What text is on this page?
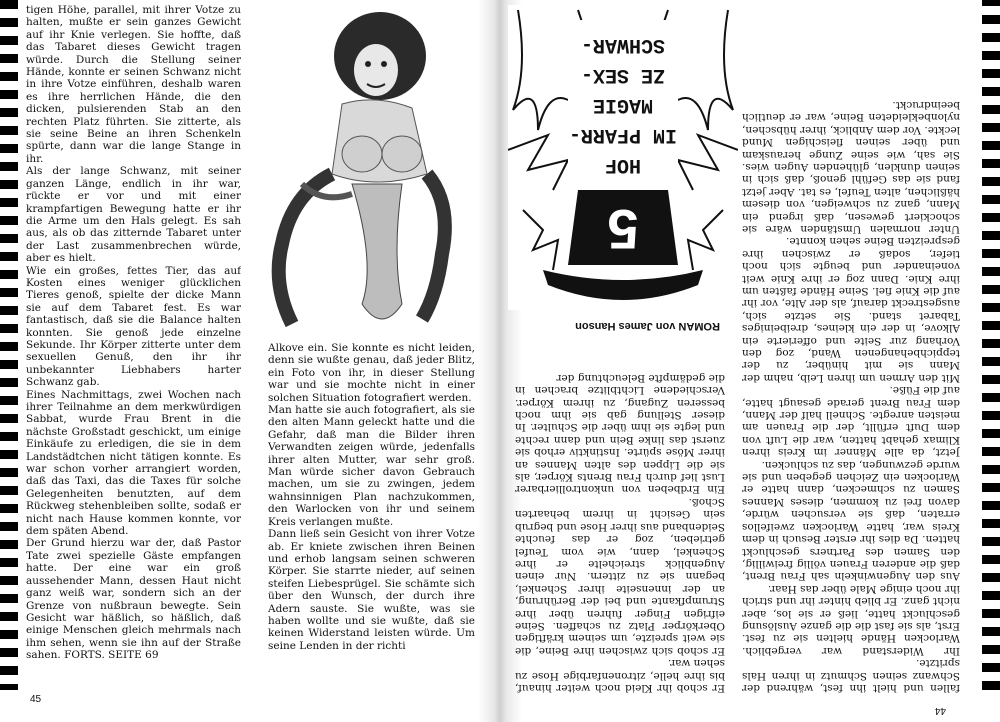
tigen Höhe, parallel, mit ihrer Votze zu halten, mußte er sein ganzes Gewicht auf ihr Knie verlegen. Sie hoffte, daß das Tabaret dieses Gewicht tragen würde. Durch die Stellung seiner Hände, konnte er seinen Schwanz nicht in ihre Votze einführen, deshalb waren es ihre herrlichen Hände, die den dicken, pulsierenden Stab an den rechten Platz führten. Sie zitterte, als sie seine Beine an ihren Schenkeln spürte, dann war die lange Stange in ihr.
Als der lange Schwanz, mit seiner ganzen Länge, endlich in ihr war, rückte er vor und mit einer krampfartigen Bewegung hatte er ihr die Arme um den Hals gelegt. Es sah aus, als ob das zitternde Tabaret unter der Last zusammenbrechen würde, aber es hielt.
Wie ein großes, fettes Tier, das auf Kosten eines weniger glücklichen Tieres genoß, spielte der dicke Mann sie auf dem Tabaret fest. Es war fantastisch, daß sie die Balance halten konnten. Sie genoß jede einzelne Sekunde. Ihr Körper zitterte unter dem sexuellen Genuß, den ihr ihr unbekannter Liebhabers harter Schwanz gab.
Eines Nachmittags, zwei Wochen nach ihrer Teilnahme an dem merkwürdigen Sabbat, wurde Frau Brent in die nächste Großstadt geschickt, um einige Einkäufe zu erledigen, die sie in dem Landstädtchen nicht tätigen konnte. Es war schon vorher arrangiert worden, daß das Taxi, das die Taxes für solche Gelegenheiten benutzten, auf dem Rückweg stehenbleiben sollte, sodaß er nicht nach Hause kommen konnte, vor dem späten Abend.
Der Grund hierzu war der, daß Pastor Tate zwei spezielle Gäste empfangen hatte. Der eine war ein groß aussehender Mann, dessen Haut nicht ganz weiß war, sondern sich an der Grenze von nußbraun bewegte. Sein Gesicht war häßlich, so häßlich, daß einige Menschen gleich mehrmals nach ihm sehen, wenn sie ihn auf der Straße sahen. FORTS. SEITE 69
Alkove ein. Sie konnte es nicht leiden, denn sie wußte genau, daß jeder Blitz, ein Foto von ihr, in dieser Stellung war und sie mochte nicht in einer solchen Situation fotografiert werden.
Man hatte sie auch fotografiert, als sie den alten Mann geleckt hatte und die Gefahr, daß man die Bilder ihren Verwandten zeigen würde, jedenfalls ihrer alten Mutter, war sehr groß. Man würde sicher davon Gebrauch machen, um sie zu zwingen, jedem wahnsinnigen Plan nachzukommen, den Warlocken von ihr und seinem Kreis verlangen mußte.
Dann ließ sein Gesicht von ihrer Votze ab. Er kniete zwischen ihren Beinen und erhob langsam seinen schweren Körper. Sie starrte nieder, auf seinen steifen Liebesprügel. Sie schämte sich über den Wunsch, der durch ihre Adern sauste. Sie wußte, was sie haben wollte und sie wußte, daß sie keinen Widerstand leisten würde. Um seine Lenden in der richti
45
44
fallen und hielt ihn fest, während der Schwanz seinen Schmutz in ihren Hals spritzte.
Ihr Widerstand war vergeblich. Warlocken Hände hielten sie zu fest. Erst, als sie fast die die ganze Auslösung geschluckt hatte, ließ er sie los, aber nicht ganz. Er blieb hinter ihr und strich ihr noch einige Male über das Haar.
Aus den Augenwinkeln sah Frau Brent, daß die anderen Frauen völlig freiwillig, den Samen des Partners geschluckt hatten. Da dies ihr erster Besuch in dem Kreis war, hatte Warlocken zweifellos erraten, daß sie versuchen würde, davon frei zu kommen, dieses Mannes Samen zu schmecken, dann hatte er Warlocken ein Zeichen gegeben und sie wurde gezwungen, das zu schlucken.
Jetzt, da alle Männer im Kreis ihren Klimax gehabt hatten, war die Luft von dem Duft erfüllt, der die Frauen am meisten anregte. Schnell half der Mann, dem Frau Brent gerade gesaugt hatte, auf die Füße.
Mit den Armen um ihren Leib, nahm der Mann sie mit hinüber, zu der teppichbehangenen Wand, zog den Vorhang zur Seite und offerierte ein Alkove, in der ein kleines, dreibeiniges Tabaret stand. Sie setzte sich, ausgestreckt darauf, als der Alte, vor ihr auf die Knie fiel. Seine Hände faßten um ihre Knie. Dann zog er ihre Knie weit voneinander und beugte sich noch tiefer, sodaß er zwischen ihre gespreizten Beine sehen konnte.
Unter normalen Umständen wäre sie schockiert gewesen, daß irgend ein Mann, ganz zu schweigen, von diesem häßlichen, alten Teufel, es tat. Aber jetzt fand sie das Gefühl genoß, daß sich in seinen dunklen, glühenden Augen wies. Sie sah, wie seine Zunge herauskam und über seinen fleischigen Mund leckte. Vor dem Anblick, ihrer hübschen, nylonbekleideten Beine, war er deutlich beeindruckt.
Er schob ihr Kleid noch weiter hinauf, bis ihre helle, zitronenfarbige Hose zu sehen war.
Er schob sich zwischen ihre Beine, die sie weit spreizte, um seinem kräftigen Oberkörper Platz zu schaffen. Seine eifrigen Finger fuhren über ihre Strumpfkante und bei der Berührung, an der innenseite ihrer Schenkel, begann sie zu zittern. Nur einen Augenblick streichelte er ihre Schenkel, dann, wie vom Teufel getrieben, zog er das feuchte Seidenband aus ihrer Hose und begrub sein Gesicht in ihrem behaarten Schoß.
Ein Erdbeben von unkontrollierbarer Lust lief durch Frau Brents Körper, als sie die Lippen des alten Mannes an ihrer Möse spürte. Instinktiv erhob sie zuerst das linke Bein und dann rechte und legte sie ihm über die Schulter. In dieser Stellung gab sie ihm noch besseren Zugang, zu ihrem Körper. Verschiedene Lichtblitze brachen in die gedämpfte Beleuchtung der
ROMAN von James Hanson
5
HOF
IM PFARR-
MAGIE
ZE SEX-
SCHWAR-
